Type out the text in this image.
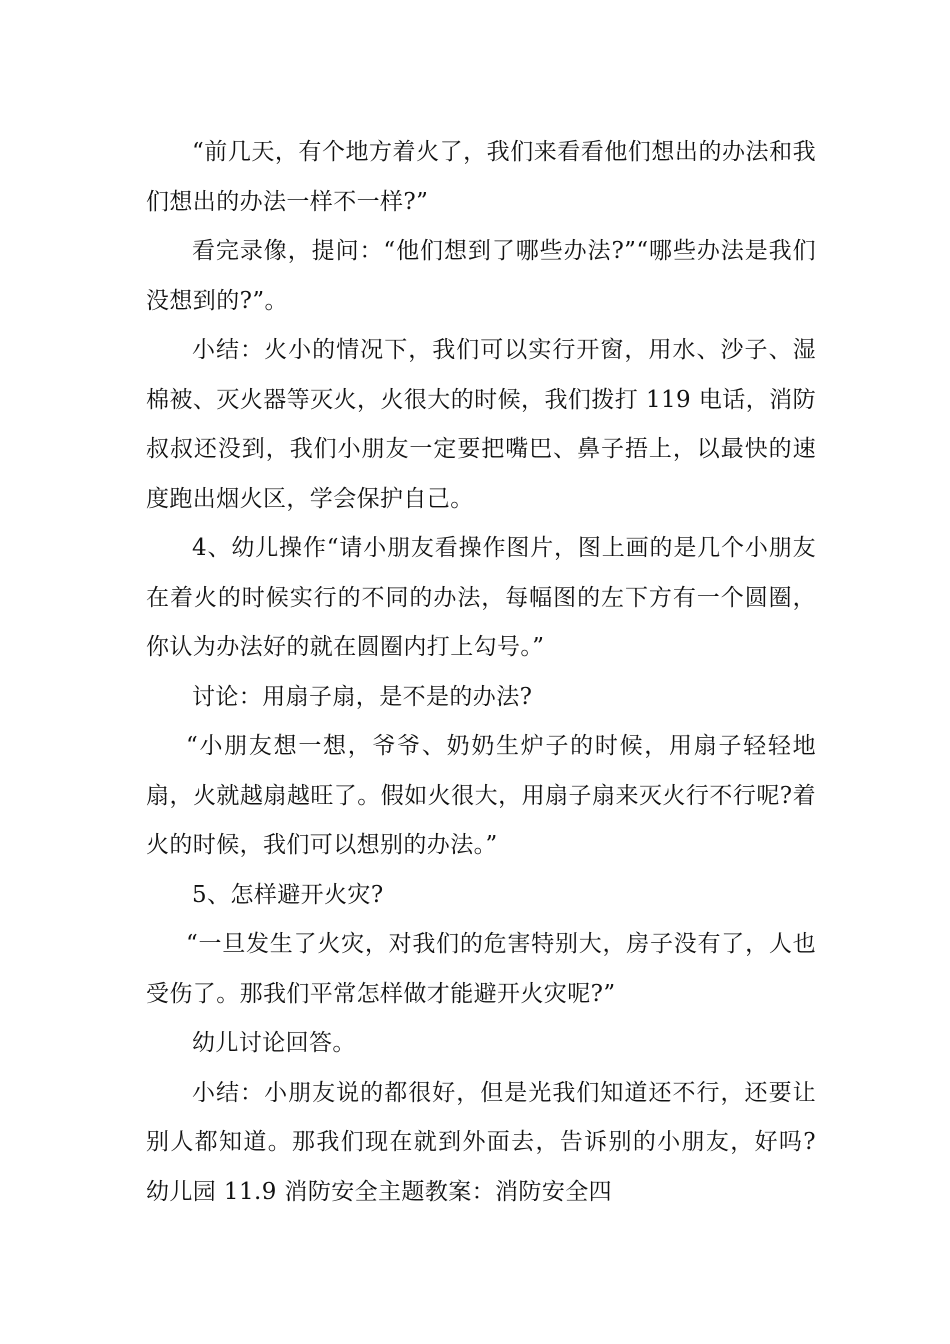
“前几天，有个地方着火了，我们来看看他们想出的办法和我们想出的办法一样不一样?”

看完录像，提问：“他们想到了哪些办法?”“哪些办法是我们没想到的?”。

小结：火小的情况下，我们可以实行开窗，用水、沙子、湿棉被、灭火器等灭火，火很大的时候，我们拨打 119 电话，消防叔叔还没到，我们小朋友一定要把嘴巴、鼻子捂上，以最快的速度跑出烟火区，学会保护自己。

4、幼儿操作“请小朋友看操作图片，图上画的是几个小朋友在着火的时候实行的不同的办法，每幅图的左下方有一个圆圈，你认为办法好的就在圆圈内打上勾号。”

讨论：用扇子扇，是不是的办法?

“小朋友想一想，爷爷、奶奶生炉子的时候，用扇子轻轻地扇，火就越扇越旺了。假如火很大，用扇子扇来灭火行不行呢?着火的时候，我们可以想别的办法。”

5、怎样避开火灾?

“一旦发生了火灾，对我们的危害特别大，房子没有了，人也受伤了。那我们平常怎样做才能避开火灾呢?”

幼儿讨论回答。

小结：小朋友说的都很好，但是光我们知道还不行，还要让别人都知道。那我们现在就到外面去，告诉别的小朋友，好吗?　　幼儿园 11.9 消防安全主题教案：消防安全四
